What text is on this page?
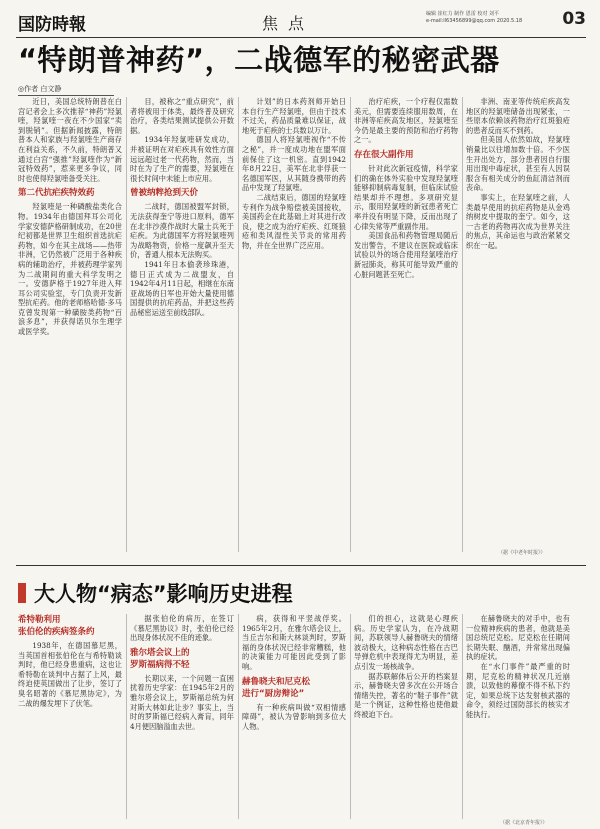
国防時報	焦点	编辑 崔红力 制作 恩雷 校对 刘平
e-mail:ll63456899@qq.com 2020.5.18	03
“特朗普神药”，二战德军的秘密武器
◎作者 白文静

近日，美国总统特朗普在白宫记者会上多次推荐“神药”羟氯喹，羟氯喹一夜在不少国家“卖到脱销”。但据新闻披露，特朗普本人和家族与羟氯喹生产商存在利益关系，不久前，特朗普又通过白宫“强推”羟氯喹作为“新冠特效药”，惹来更多争议，同时也使得羟氯喹备受关注。

第二代抗疟疾特效药

羟氯喹是一种磷酸盐类化合物。1934年由德国拜耳公司化学家安德萨格研制成功，在20世纪初都是世界卫生组织首选抗疟药物，如今在其主战场——热带非洲，它仍然被广泛用于各种疾病的辅助治疗，并被药理学家列为二战期间的重大科学发明之一。安德萨格于1927年进入拜耳公司实验室，专门负责开发新型抗疟药。他的老师格哈德·多马克曾发现第一种磺胺类药物“百浪多息”，并获得诺贝尔生理学或医学奖。

目，被称之“重点研究”，前者将被用于体类，最终普及研究治疗，各类结果测试提供公开数据。

1934年羟氯喹研发成功，并被证明在对疟疾具有效性方面远远超过老一代药物，然而，当时在为了生产的需要，羟氯喹在很长时间中未能上市应用。

曾被纳粹抢到天价

二战时，德国被盟军封锁，无法获得奎宁等进口原料，德军在北非沙漠作战时大量士兵死于疟疾。为此德国军方将羟氯喹列为战略物资，价格一度飙升至天价，普通人根本无法购买。

1941年日本偷袭珍珠港，德日正式成为二战盟友，自1942年4月11日起，相继在东南亚战场的日军也开始大量使用德国提供的抗疟药品，并把这些药品秘密运送至前线部队。

计划”的日本药剂师开始日本自行生产羟氯喹，但由于技术不过关，药品质量难以保证，战地死于疟疾的士兵数以万计。

德国人将羟氯喹视作“不传之秘”，并一度成功地在盟军面前保住了这一机密。直到1942年8月22日，美军在北非俘获一名德国军医，从其随身携带的药品中发现了羟氯喹。

二战结束后，德国的羟氯喹专利作为战争赔偿被美国接收，美国药企在此基础上对其进行改良，使之成为治疗疟疾、红斑狼疮和类风湿性关节炎的常用药物，并在全世界广泛应用。

治疗疟疾，一个疗程仅需数美元，但需要连续服用数周，在非洲等疟疾高发地区，羟氯喹至今仍是最主要的预防和治疗药物之一。

存在很大副作用

针对此次新冠疫情，科学家们的确在体外实验中发现羟氯喹能够抑制病毒复制，但临床试验结果却并不理想。多项研究显示，服用羟氯喹的新冠患者死亡率并没有明显下降，反而出现了心律失常等严重副作用。

美国食品和药物管理局随后发出警告，不建议在医院或临床试验以外的场合使用羟氯喹治疗新冠肺炎，称其可能导致严重的心脏问题甚至死亡。

非洲、南亚等传统疟疾高发地区的羟氯喹储备出现紧张，一些原本依赖该药物治疗红斑狼疮的患者反而买不到药。

但美国人依然如故，羟氯喹销量比以往增加数十倍。不少医生开出处方，部分患者因自行服用出现中毒症状，甚至有人因误服含有相关成分的鱼缸清洁剂而丧命。

事实上，在羟氯喹之前，人类最早使用的抗疟药物是从金鸡纳树皮中提取的奎宁。如今，这一古老的药物再次成为世界关注的焦点，其命运也与政治紧紧交织在一起。

（据《中老年时报》）
大人物“病态”影响历史进程

希特勒利用

张伯伦的疾病签条约

1938年，在德国慕尼黑，当英国首相张伯伦在与希特勒谈判时，他已经身患重病，这也让希特勒在谈判中占据了上风，最终迫使英国做出了让步，签订了臭名昭著的《慕尼黑协定》，为二战的爆发埋下了伏笔。

据张伯伦的病历，在签订《慕尼黑协议》时，张伯伦已经出现身体状况不佳的迹象。

雅尔塔会议上的

罗斯福病得不轻

长期以来，一个问题一直困扰着历史学家：在1945年2月的雅尔塔会议上，罗斯福总统为何对斯大林如此让步？事实上，当时的罗斯福已经病入膏肓，同年4月便因脑溢血去世。

病，获得和平竖战俘奖。1965年2月，在雅尔塔会议上，当丘吉尔和斯大林谈判时，罗斯福的身体状况已经非常糟糕，他的决策能力可能因此受到了影响。

赫鲁晓夫和尼克松

进行“厨房辩论”

有一种疾病叫做“双相情感障碍”，被认为曾影响到多位大人物。

们的担心，这就是心理疾病。历史学家认为，在冷战期间，苏联领导人赫鲁晓夫的情绪波动极大，这种病态性格在古巴导弹危机中表现得尤为明显，差点引发一场核战争。

据苏联解体后公开的档案显示，赫鲁晓夫曾多次在公开场合情绪失控，著名的“鞋子事件”就是一个例证，这种性格也使他最终被迫下台。

在赫鲁晓夫的对手中，也有一位精神疾病的患者，他就是美国总统尼克松。尼克松在任期间长期失眠、酗酒，并常常出现偏执的症状。

在“水门事件”最严重的时期，尼克松的精神状况几近崩溃，以致他的幕僚不得不私下约定，如果总统下达发射核武器的命令，须经过国防部长的核实才能执行。

（据《北京青年报》）
